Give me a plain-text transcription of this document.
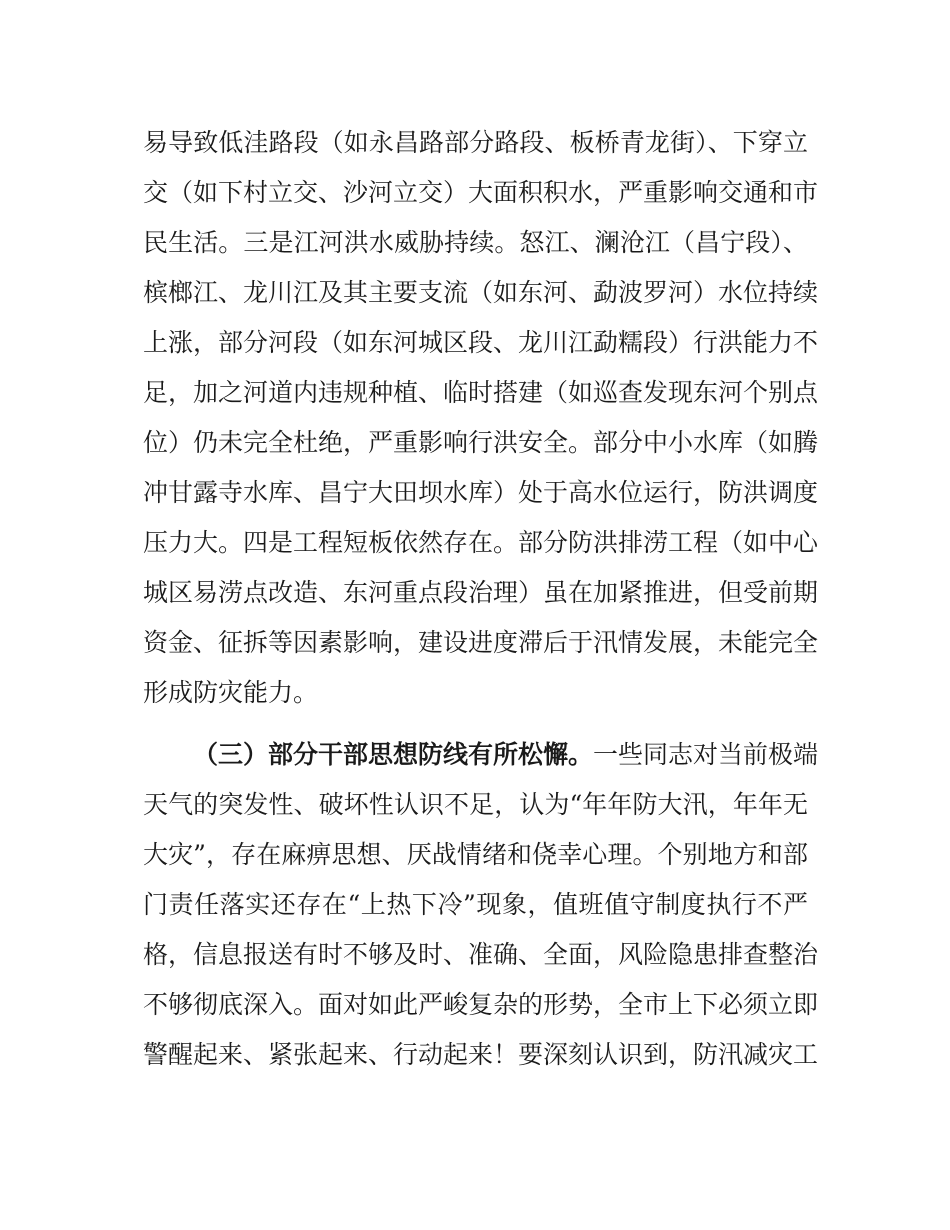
易导致低洼路段（如永昌路部分路段、板桥青龙街）、下穿立
交（如下村立交、沙河立交）大面积积水，严重影响交通和市
民生活。三是江河洪水威胁持续。怒江、澜沧江（昌宁段）、
槟榔江、龙川江及其主要支流（如东河、勐波罗河）水位持续
上涨，部分河段（如东河城区段、龙川江勐糯段）行洪能力不
足，加之河道内违规种植、临时搭建（如巡查发现东河个别点
位）仍未完全杜绝，严重影响行洪安全。部分中小水库（如腾
冲甘露寺水库、昌宁大田坝水库）处于高水位运行，防洪调度
压力大。四是工程短板依然存在。部分防洪排涝工程（如中心
城区易涝点改造、东河重点段治理）虽在加紧推进，但受前期
资金、征拆等因素影响，建设进度滞后于汛情发展，未能完全
形成防灾能力。
（三）部分干部思想防线有所松懈。一些同志对当前极端
天气的突发性、破坏性认识不足，认为“年年防大汛，年年无
大灾”，存在麻痹思想、厌战情绪和侥幸心理。个别地方和部
门责任落实还存在“上热下冷”现象，值班值守制度执行不严
格，信息报送有时不够及时、准确、全面，风险隐患排查整治
不够彻底深入。面对如此严峻复杂的形势，全市上下必须立即
警醒起来、紧张起来、行动起来！要深刻认识到，防汛减灾工
